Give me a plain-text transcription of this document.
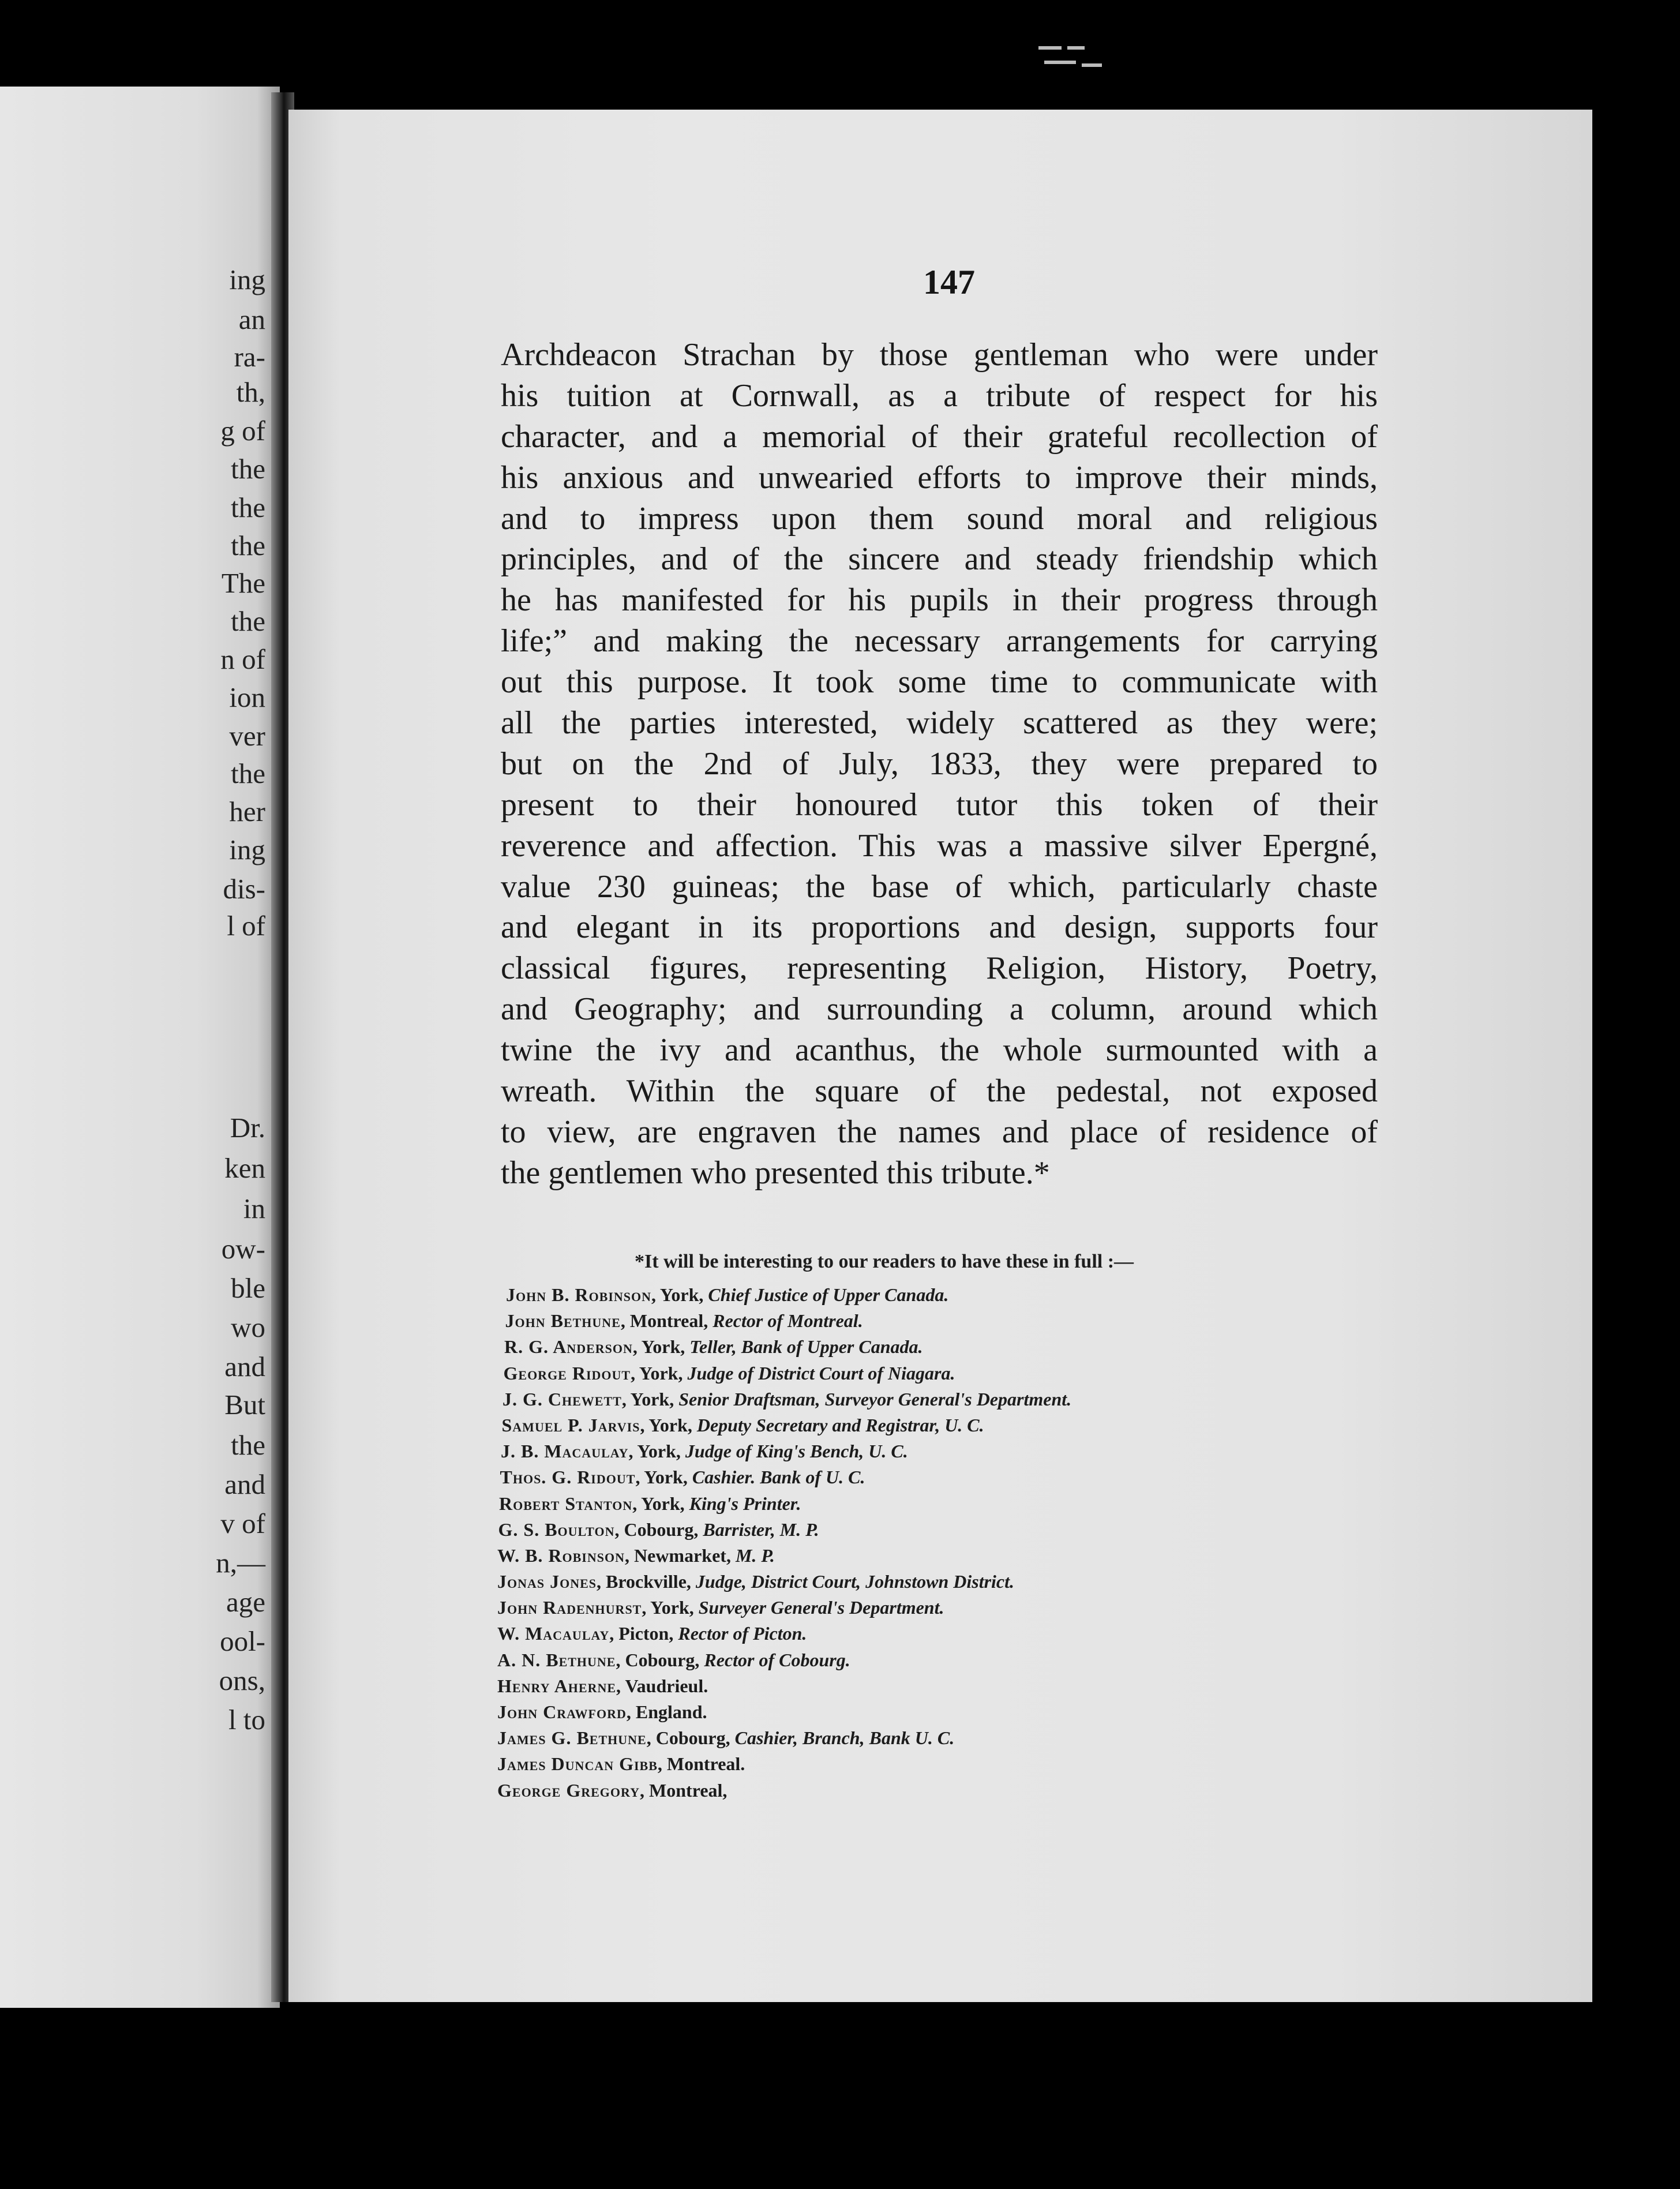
ing
an
ra-
th,
g of
the
the
the
The
the
n of
ion
ver
the
her
ing
dis-
l of
Dr.
ken
in
ow-
ble
wo
and
But
the
and
v of
n,—
age
ool-
ons,
l to
147
Archdeacon Strachan by those gentleman who were under
his tuition at Cornwall, as a tribute of respect for his
character, and a memorial of their grateful recollection of
his anxious and unwearied efforts to improve their minds,
and to impress upon them sound moral and religious
principles, and of the sincere and steady friendship which
he has manifested for his pupils in their progress through
life;” and making the necessary arrangements for carrying
out this purpose. It took some time to communicate with
all the parties interested, widely scattered as they were;
but on the 2nd of July, 1833, they were prepared to
present to their honoured tutor this token of their
reverence and affection. This was a massive silver Epergné,
value 230 guineas; the base of which, particularly chaste
and elegant in its proportions and design, supports four
classical figures, representing Religion, History, Poetry,
and Geography; and surrounding a column, around which
twine the ivy and acanthus, the whole surmounted with a
wreath. Within the square of the pedestal, not exposed
to view, are engraven the names and place of residence of
the gentlemen who presented this tribute.*
*It will be interesting to our readers to have these in full :—
John B. Robinson, York, Chief Justice of Upper Canada.
John Bethune, Montreal, Rector of Montreal.
R. G. Anderson, York, Teller, Bank of Upper Canada.
George Ridout, York, Judge of District Court of Niagara.
J. G. Chewett, York, Senior Draftsman, Surveyor General's Department.
Samuel P. Jarvis, York, Deputy Secretary and Registrar, U. C.
J. B. Macaulay, York, Judge of King's Bench, U. C.
Thos. G. Ridout, York, Cashier. Bank of U. C.
Robert Stanton, York, King's Printer.
G. S. Boulton, Cobourg, Barrister, M. P.
W. B. Robinson, Newmarket, M. P.
Jonas Jones, Brockville, Judge, District Court, Johnstown District.
John Radenhurst, York, Surveyer General's Department.
W. Macaulay, Picton, Rector of Picton.
A. N. Bethune, Cobourg, Rector of Cobourg.
Henry Aherne, Vaudrieul.
John Crawford, England.
James G. Bethune, Cobourg, Cashier, Branch, Bank U. C.
James Duncan Gibb, Montreal.
George Gregory, Montreal,
